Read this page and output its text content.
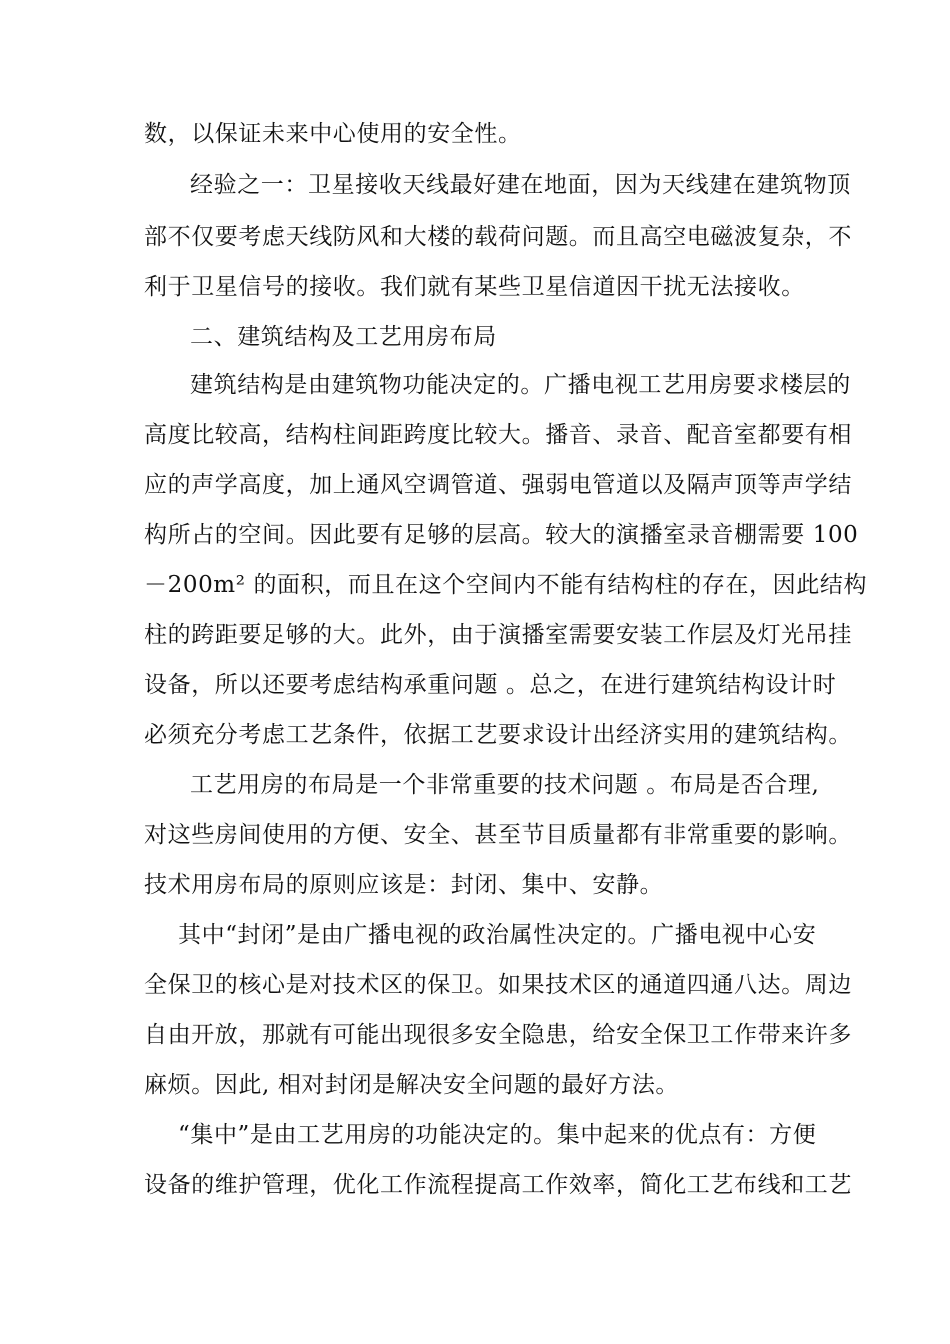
数，以保证未来中心使用的安全性。
经验之一：卫星接收天线最好建在地面，因为天线建在建筑物顶
部不仅要考虑天线防风和大楼的载荷问题。而且高空电磁波复杂，不
利于卫星信号的接收。我们就有某些卫星信道因干扰无法接收。
二、建筑结构及工艺用房布局
建筑结构是由建筑物功能决定的。广播电视工艺用房要求楼层的
高度比较高，结构柱间距跨度比较大。播音、录音、配音室都要有相
应的声学高度，加上通风空调管道、强弱电管道以及隔声顶等声学结
构所占的空间。因此要有足够的层高。较大的演播室录音棚需要 100
－200m² 的面积，而且在这个空间内不能有结构柱的存在，因此结构
柱的跨距要足够的大。此外，由于演播室需要安装工作层及灯光吊挂
设备，所以还要考虑结构承重问题 。总之，在进行建筑结构设计时
必须充分考虑工艺条件，依据工艺要求设计出经济实用的建筑结构。
工艺用房的布局是一个非常重要的技术问题 。布局是否合理,
对这些房间使用的方便、安全、甚至节目质量都有非常重要的影响。
技术用房布局的原则应该是：封闭、集中、安静。
其中“封闭”是由广播电视的政治属性决定的。广播电视中心安
全保卫的核心是对技术区的保卫。如果技术区的通道四通八达。周边
自由开放，那就有可能出现很多安全隐患，给安全保卫工作带来许多
麻烦。因此, 相对封闭是解决安全问题的最好方法。
“集中”是由工艺用房的功能决定的。集中起来的优点有：方便
设备的维护管理，优化工作流程提高工作效率，简化工艺布线和工艺
